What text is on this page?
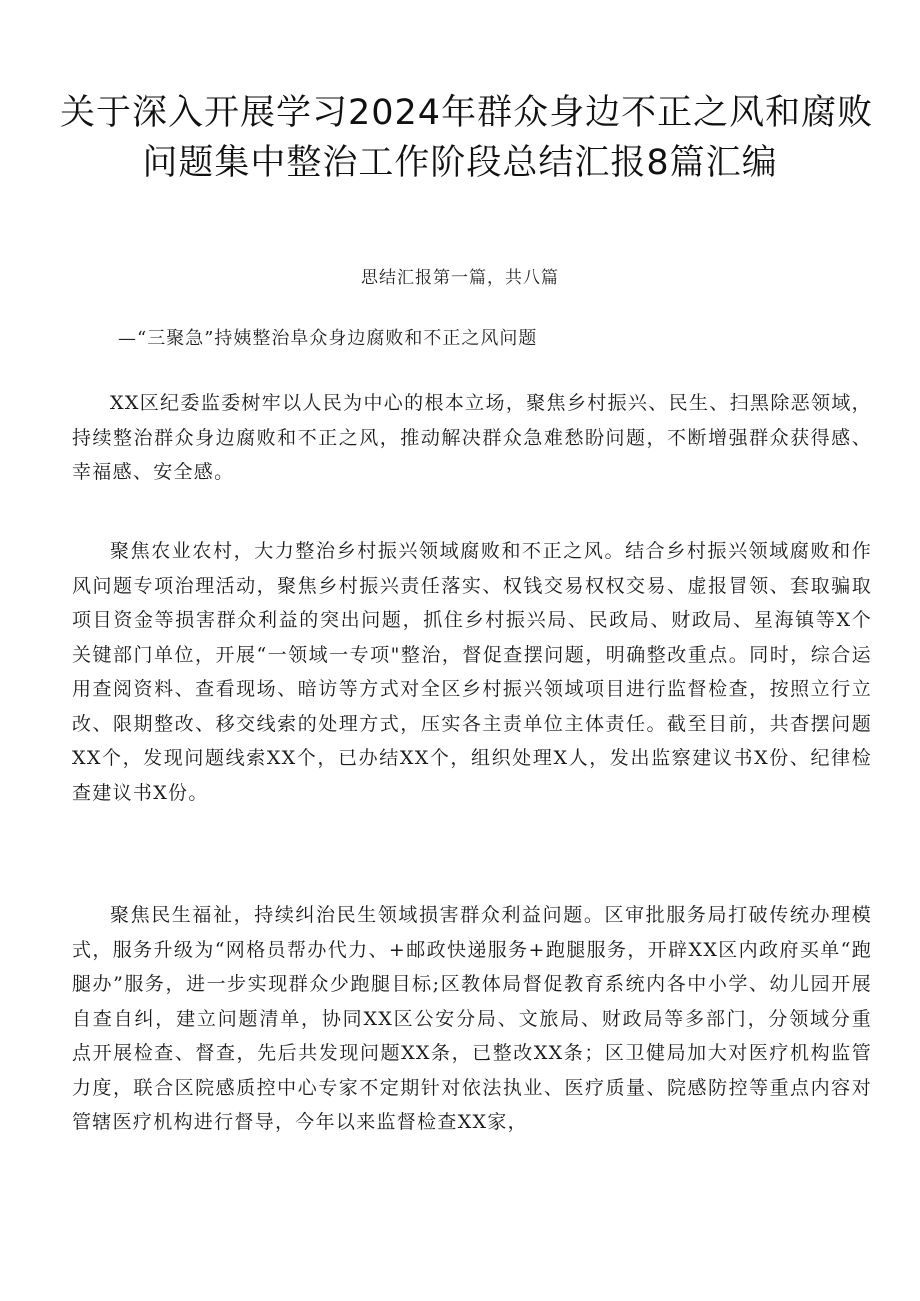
关于深入开展学习2024年群众身边不正之风和腐败
问题集中整治工作阶段总结汇报8篇汇编
思结汇报第一篇，共八篇
—“三聚急”持姨整治阜众身边腐败和不正之风问题

XX区纪委监委树牢以人民为中心的根本立场，聚焦乡村振兴、民生、扫黑除恶领域，持续整治群众身边腐败和不正之风，推动解决群众急难愁盼问题，不断增强群众获得感、幸福感、安全感。

聚焦农业农村，大力整治乡村振兴领域腐败和不正之风。结合乡村振兴领域腐败和作风问题专项治理活动，聚焦乡村振兴责任落实、权钱交易权权交易、虚报冒领、套取骗取项目资金等损害群众利益的突出问题，抓住乡村振兴局、民政局、财政局、星海镇等X个关键部门单位，开展“一领域一专项"整治，督促查摆问题，明确整改重点。同时，综合运用查阅资料、查看现场、暗访等方式对全区乡村振兴领域项目进行监督检查，按照立行立改、限期整改、移交线索的处理方式，压实各主责单位主体责任。截至目前，共杳摆问题XX个，发现问题线索XX个，已办结XX个，组织处理X人，发出监察建议书X份、纪律检查建议书X份。

聚焦民生福祉，持续纠治民生领域损害群众利益问题。区审批服务局打破传统办理模式，服务升级为“网格员帮办代力、+邮政快递服务+跑腿服务，开辟XX区内政府买单“跑腿办”服务，进一步实现群众少跑腿目标;区教体局督促教育系统内各中小学、幼儿园开展自查自纠，建立问题清单，协同XX区公安分局、文旅局、财政局等多部门，分领域分重点开展检查、督查，先后共发现问题XX条，已整改XX条；区卫健局加大对医疗机构监管力度，联合区院感质控中心专家不定期针对依法执业、医疗质量、院感防控等重点内容对管辖医疗机构进行督导，今年以来监督检查XX家，
